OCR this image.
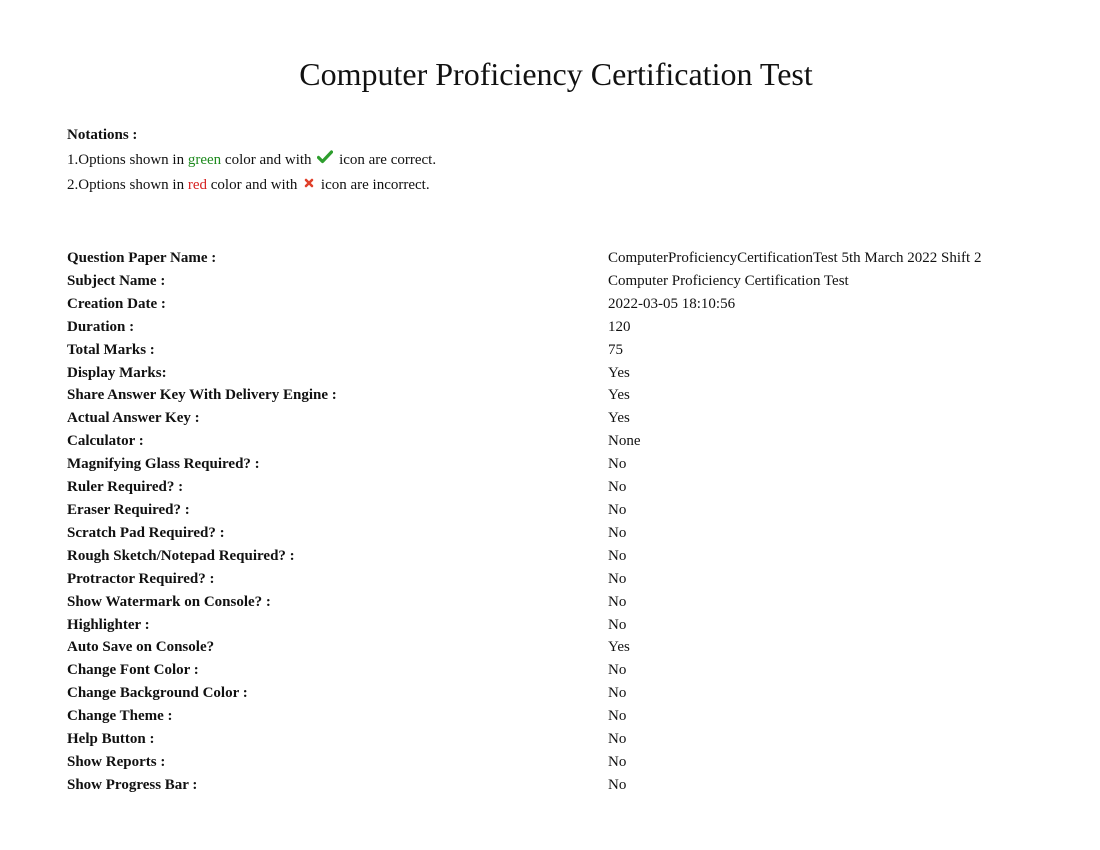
Computer Proficiency Certification Test
Notations :
1.Options shown in green color and with  icon are correct.
2.Options shown in red color and with  icon are incorrect.
Question Paper Name :	ComputerProficiencyCertificationTest 5th March 2022 Shift 2
Subject Name :	Computer Proficiency Certification Test
Creation Date :	2022-03-05 18:10:56
Duration :	120
Total Marks :	75
Display Marks:	Yes
Share Answer Key With Delivery Engine :	Yes
Actual Answer Key :	Yes
Calculator :	None
Magnifying Glass Required? :	No
Ruler Required? :	No
Eraser Required? :	No
Scratch Pad Required? :	No
Rough Sketch/Notepad Required? :	No
Protractor Required? :	No
Show Watermark on Console? :	No
Highlighter :	No
Auto Save on Console?	Yes
Change Font Color :	No
Change Background Color :	No
Change Theme :	No
Help Button :	No
Show Reports :	No
Show Progress Bar :	No
